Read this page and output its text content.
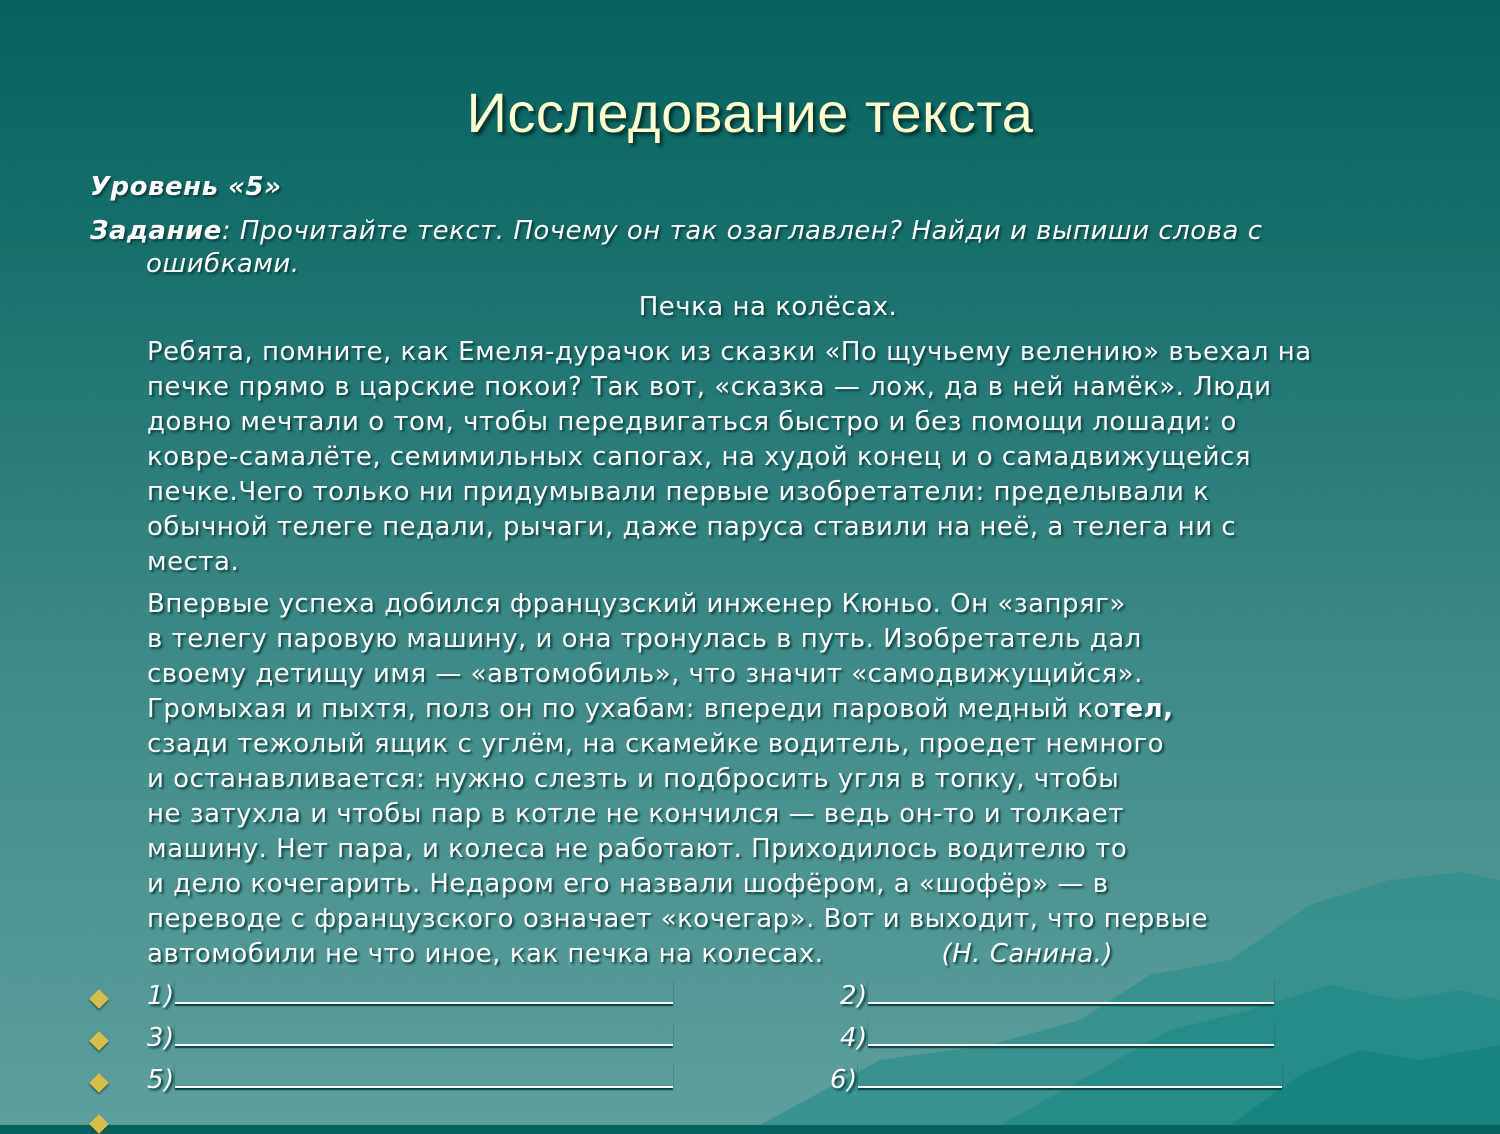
Исследование текста
Уровень «5»
Задание: Прочитайте текст. Почему он так озаглавлен? Найди и выпиши слова с
ошибками.
Печка на колёсах.
Ребята, помните, как Емеля-дурачок из сказки «По щучьему велению» въехал на
печке прямо в царские покои? Так вот, «сказка — лож, да в ней намёк». Люди
довно мечтали о том, чтобы передвигаться быстро и без помощи лошади: о
ковре-самалёте, семимильных сапогах, на худой конец и о самадвижущейся
печке.Чего только ни придумывали первые изобретатели: пределывали к
обычной телеге педали, рычаги, даже паруса ставили на неё, а телега ни с
места.
Впервые успеха добился французский инженер Кюньо. Он «запряг»
в телегу паровую машину, и она тронулась в путь. Изобретатель дал
своему детищу имя — «автомобиль», что значит «самодвижущийся».
Громыхая и пыхтя, полз он по ухабам: впереди паровой медный котел,
сзади тежолый ящик с углём, на скамейке водитель, проедет немного
и останавливается: нужно слезть и подбросить угля в топку, чтобы
не затухла и чтобы пар в котле не кончился — ведь он-то и толкает
машину. Нет пара, и колеса не работают. Приходилось водителю то
и дело кочегарить. Недаром его назвали шофёром, а «шофёр» — в
переводе с французского означает «кочегар». Вот и выходит, что первые
автомобили не что иное, как печка на колесах.	(Н. Санина.)
1)	2)
3)	4)
5)	6)
